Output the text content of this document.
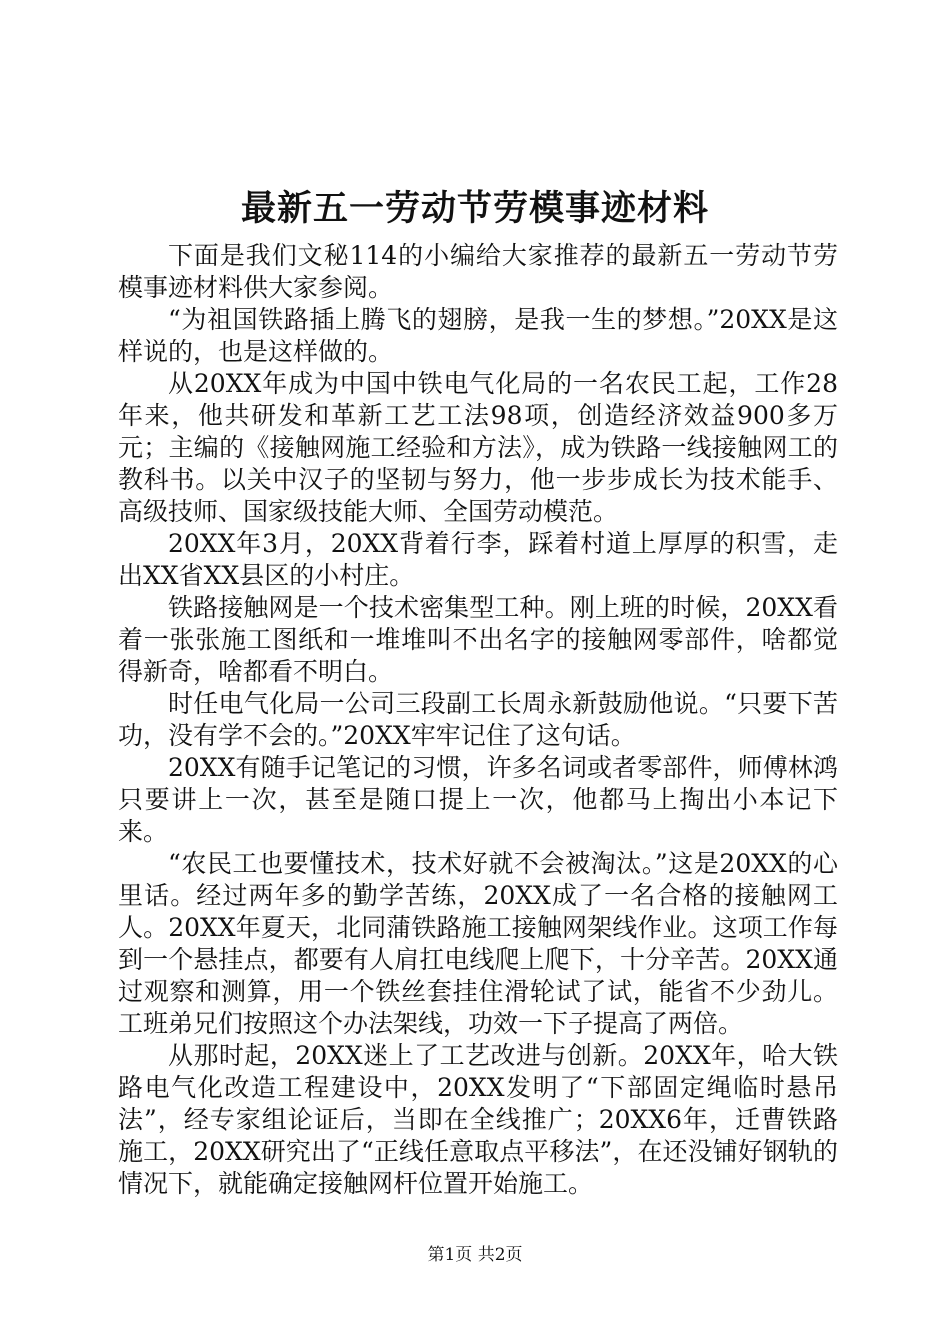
最新五一劳动节劳模事迹材料

下面是我们文秘114的小编给大家推荐的最新五一劳动节劳模事迹材料供大家参阅。

“为祖国铁路插上腾飞的翅膀，是我一生的梦想。”20XX是这样说的，也是这样做的。

从20XX年成为中国中铁电气化局的一名农民工起，工作28年来，他共研发和革新工艺工法98项，创造经济效益900多万元；主编的《接触网施工经验和方法》，成为铁路一线接触网工的教科书。以关中汉子的坚韧与努力，他一步步成长为技术能手、高级技师、国家级技能大师、全国劳动模范。

20XX年3月，20XX背着行李，踩着村道上厚厚的积雪，走出XX省XX县区的小村庄。

铁路接触网是一个技术密集型工种。刚上班的时候，20XX看着一张张施工图纸和一堆堆叫不出名字的接触网零部件，啥都觉得新奇，啥都看不明白。

时任电气化局一公司三段副工长周永新鼓励他说。“只要下苦功，没有学不会的。”20XX牢牢记住了这句话。

20XX有随手记笔记的习惯，许多名词或者零部件，师傅林鸿只要讲上一次，甚至是随口提上一次，他都马上掏出小本记下来。

“农民工也要懂技术，技术好就不会被淘汰。”这是20XX的心里话。经过两年多的勤学苦练，20XX成了一名合格的接触网工人。20XX年夏天，北同蒲铁路施工接触网架线作业。这项工作每到一个悬挂点，都要有人肩扛电线爬上爬下，十分辛苦。20XX通过观察和测算，用一个铁丝套挂住滑轮试了试，能省不少劲儿。工班弟兄们按照这个办法架线，功效一下子提高了两倍。

从那时起，20XX迷上了工艺改进与创新。20XX年，哈大铁路电气化改造工程建设中，20XX发明了“下部固定绳临时悬吊法”，经专家组论证后，当即在全线推广；20XX6年，迁曹铁路施工，20XX研究出了“正线任意取点平移法”，在还没铺好钢轨的情况下，就能确定接触网杆位置开始施工。

第1页 共2页
